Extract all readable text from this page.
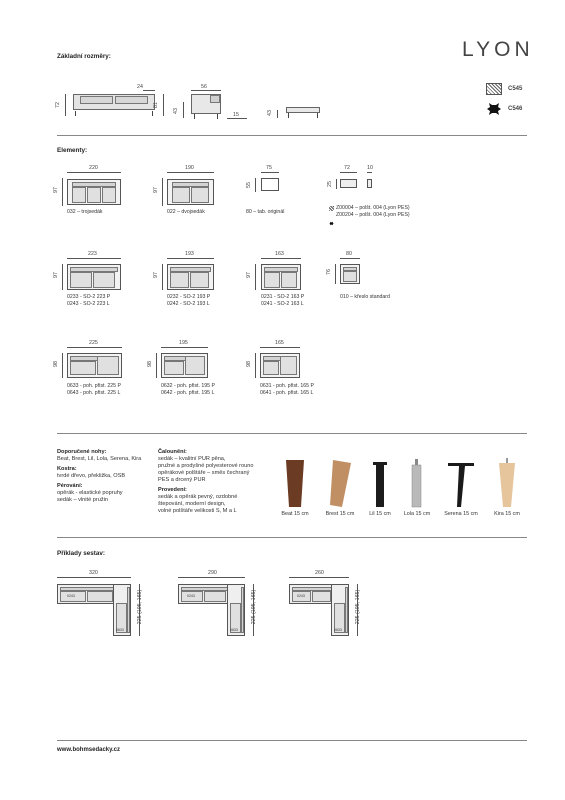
LYON
Základní rozměry:
24
72	81
56
43
15	43
C545
C546
Elementy:
220
97
032 – trojsedák
190
97
022 – dvojsedák
75
55
80 – tab. originál
72	10
25
Z00004 – polšt. 004 (Lyon PES)
Z00204 – polšt. 004 (Lyon PES)
223
97
0233 - SO-2 223 P
0243 - SO-2 223 L
193
97
0232 - SO-2 193 P
0242 - SO-2 193 L
163
97
0231 - SO-2 163 P
0241 - SO-2 163 L
80
76
010 – křeslo standard
225
98
0633 - poh. přist. 225 P
0643 - poh. přist. 225 L
195
98
0632 - poh. přist. 195 P
0642 - poh. přist. 195 L
165
98
0631 - poh. přist. 165 P
0641 - poh. přist. 165 L
Doporučené nohy:
Beat, Brest, Lil, Lola, Serena, Kira
Kostra:
tvrdé dřevo, překližka, OSB
Pérování:
opěrák - elastické popruhy
sedák – vlnité pružin
Čalounění:
sedák – kvalitní PUR pěna,
pružné a prodyšné polyesterové rouno
opěrákové polštáře – směs čechraný
PES a drcený PUR
Provedení:
sedák a opěrák pevný, ozdobné
štepování, moderní design,
volné polštáře velikosti S, M a L	Beat 15 cm	Brest 15 cm	Lil 15 cm	Lola 15 cm	Serena 15 cm	Kira 15 cm
Příklady sestav:
320
0243
0633
225 (195, 165)
290
0243
0633
225 (195, 165)
260
0243
0633
225 (195, 165)
www.bohmsedacky.cz
